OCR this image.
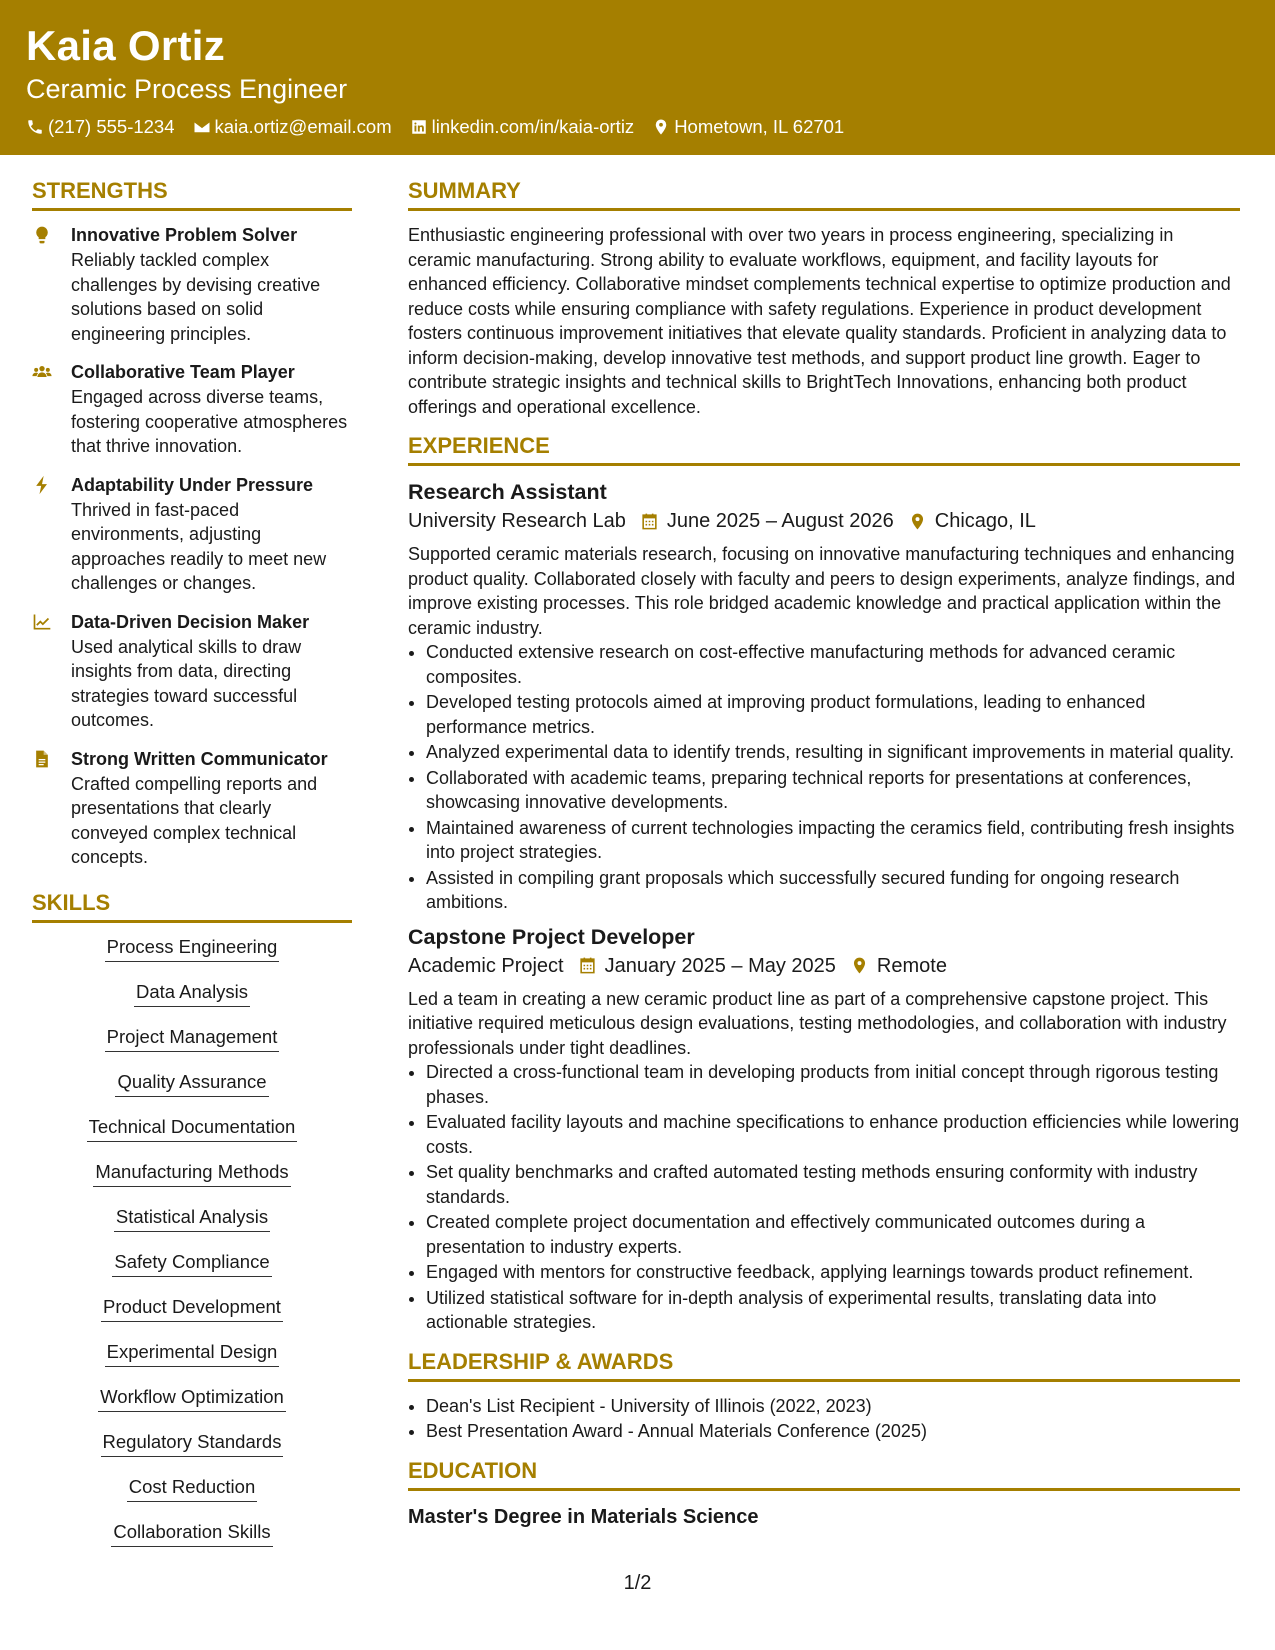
Kaia Ortiz
Ceramic Process Engineer
(217) 555-1234 kaia.ortiz@email.com linkedin.com/in/kaia-ortiz Hometown, IL 62701
STRENGTHS
Innovative Problem Solver
Reliably tackled complex challenges by devising creative solutions based on solid engineering principles.
Collaborative Team Player
Engaged across diverse teams, fostering cooperative atmospheres that thrive innovation.
Adaptability Under Pressure
Thrived in fast-paced environments, adjusting approaches readily to meet new challenges or changes.
Data-Driven Decision Maker
Used analytical skills to draw insights from data, directing strategies toward successful outcomes.
Strong Written Communicator
Crafted compelling reports and presentations that clearly conveyed complex technical concepts.
SKILLS
Process Engineering
Data Analysis
Project Management
Quality Assurance
Technical Documentation
Manufacturing Methods
Statistical Analysis
Safety Compliance
Product Development
Experimental Design
Workflow Optimization
Regulatory Standards
Cost Reduction
Collaboration Skills
SUMMARY
Enthusiastic engineering professional with over two years in process engineering, specializing in ceramic manufacturing. Strong ability to evaluate workflows, equipment, and facility layouts for enhanced efficiency. Collaborative mindset complements technical expertise to optimize production and reduce costs while ensuring compliance with safety regulations. Experience in product development fosters continuous improvement initiatives that elevate quality standards. Proficient in analyzing data to inform decision-making, develop innovative test methods, and support product line growth. Eager to contribute strategic insights and technical skills to BrightTech Innovations, enhancing both product offerings and operational excellence.
EXPERIENCE
Research Assistant
University Research Lab June 2025 – August 2026 Chicago, IL
Supported ceramic materials research, focusing on innovative manufacturing techniques and enhancing product quality. Collaborated closely with faculty and peers to design experiments, analyze findings, and improve existing processes. This role bridged academic knowledge and practical application within the ceramic industry.
• Conducted extensive research on cost-effective manufacturing methods for advanced ceramic composites.
• Developed testing protocols aimed at improving product formulations, leading to enhanced performance metrics.
• Analyzed experimental data to identify trends, resulting in significant improvements in material quality.
• Collaborated with academic teams, preparing technical reports for presentations at conferences, showcasing innovative developments.
• Maintained awareness of current technologies impacting the ceramics field, contributing fresh insights into project strategies.
• Assisted in compiling grant proposals which successfully secured funding for ongoing research ambitions.
Capstone Project Developer
Academic Project January 2025 – May 2025 Remote
Led a team in creating a new ceramic product line as part of a comprehensive capstone project. This initiative required meticulous design evaluations, testing methodologies, and collaboration with industry professionals under tight deadlines.
• Directed a cross-functional team in developing products from initial concept through rigorous testing phases.
• Evaluated facility layouts and machine specifications to enhance production efficiencies while lowering costs.
• Set quality benchmarks and crafted automated testing methods ensuring conformity with industry standards.
• Created complete project documentation and effectively communicated outcomes during a presentation to industry experts.
• Engaged with mentors for constructive feedback, applying learnings towards product refinement.
• Utilized statistical software for in-depth analysis of experimental results, translating data into actionable strategies.
LEADERSHIP & AWARDS
• Dean's List Recipient - University of Illinois (2022, 2023)
• Best Presentation Award - Annual Materials Conference (2025)
EDUCATION
Master's Degree in Materials Science
1/2
